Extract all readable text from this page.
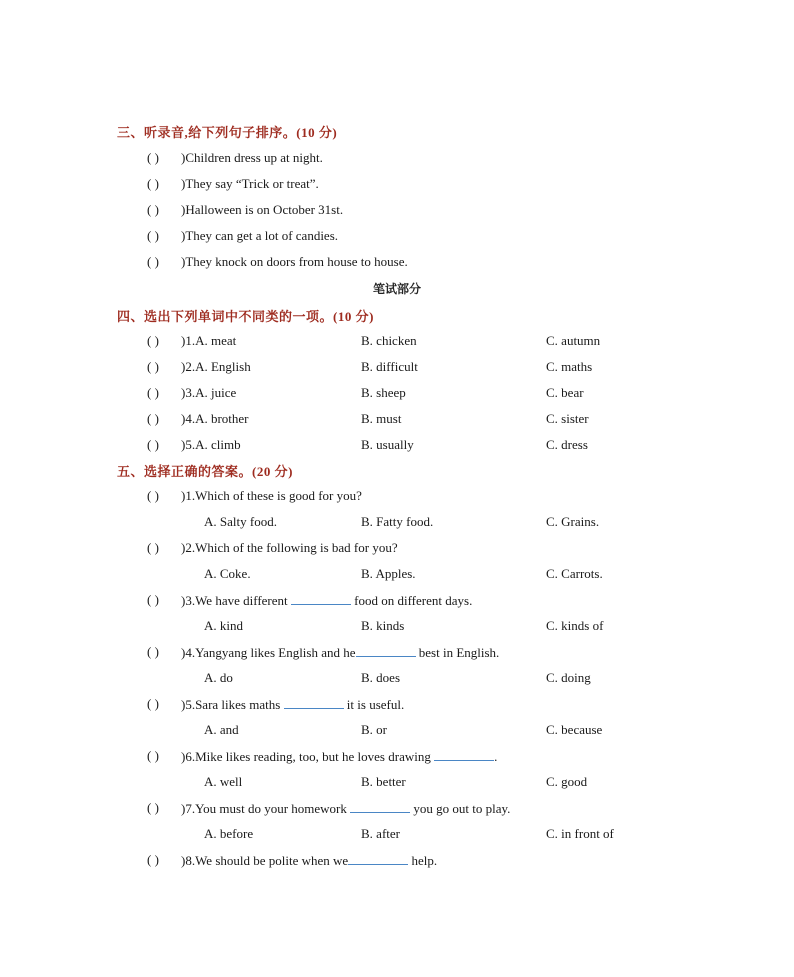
三、听录音,给下列句子排序。(10 分)
( ) )Children dress up at night.
( ) )They say “Trick or treat”.
( ) )Halloween is on October 31st.
( ) )They can get a lot of candies.
( ) )They knock on doors from house to house.
笔试部分
四、选出下列单词中不同类的一项。(10 分)
( ) )1.A. meat	B. chicken	C. autumn
( ) )2.A. English	B. difficult	C. maths
( ) )3.A. juice	B. sheep	C. bear
( ) )4.A. brother	B. must	C. sister
( ) )5.A. climb	B. usually	C. dress
五、选择正确的答案。(20 分)
( ) )1.Which of these is good for you?
A. Salty food.	B. Fatty food.	C. Grains.
( ) )2.Which of the following is bad for you?
A. Coke.	B. Apples.	C. Carrots.
( ) )3.We have different	food on different days.
A. kind	B. kinds	C. kinds of
( ) )4.Yangyang likes English and he	best in English.
A. do	B. does	C. doing
( ) )5.Sara likes maths	it is useful.
A. and	B. or	C. because
( ) )6.Mike likes reading, too, but he loves drawing	.
A. well	B. better	C. good
( ) )7.You must do your homework	you go out to play.
A. before	B. after	C. in front of
( ) )8.We should be polite when we	help.
